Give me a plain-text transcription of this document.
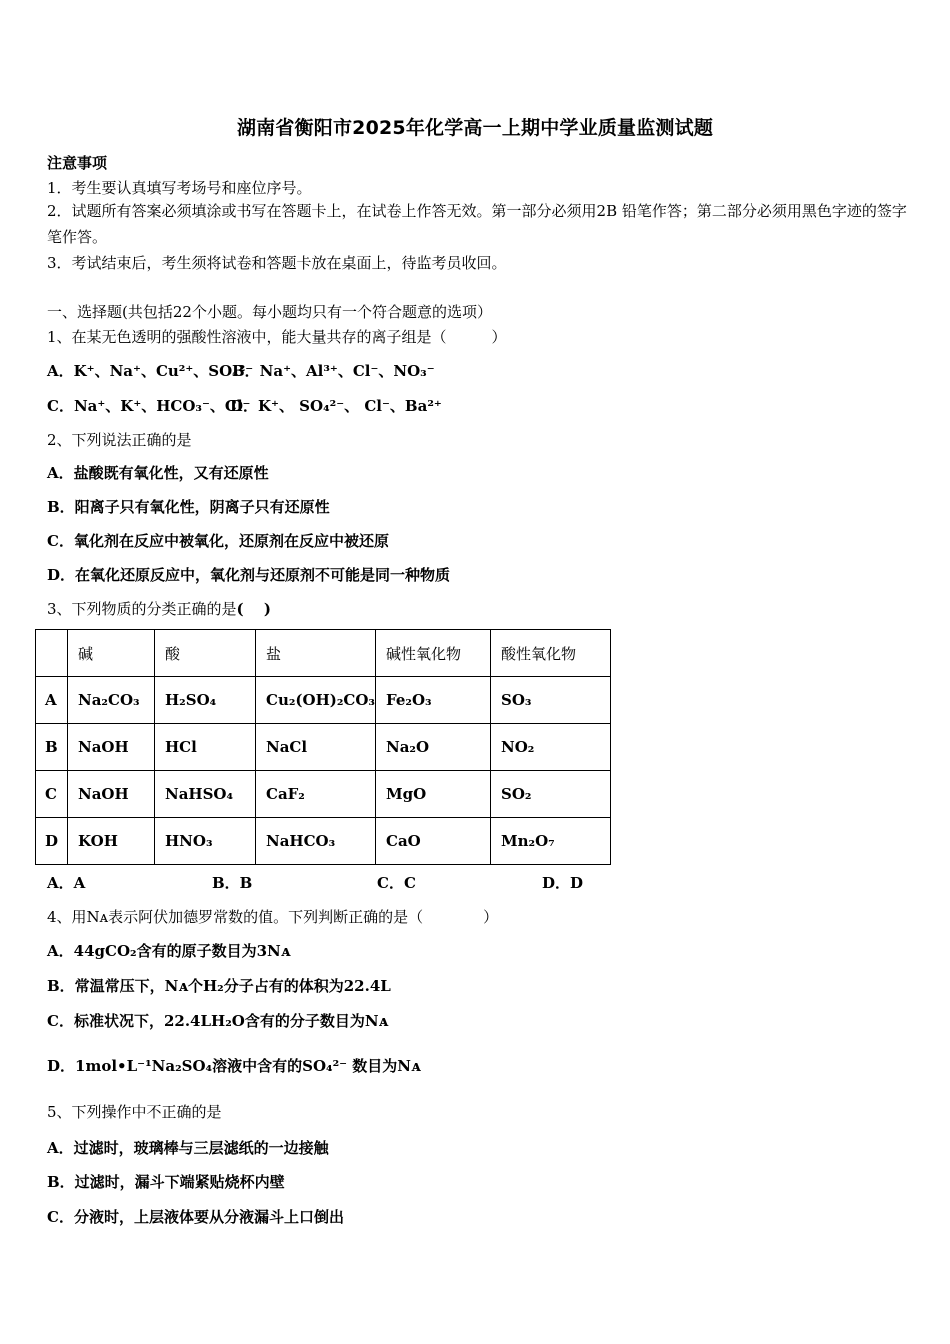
湖南省衡阳市2025年化学高一上期中学业质量监测试题
注意事项
1．考生要认真填写考场号和座位序号。
2．试题所有答案必须填涂或书写在答题卡上，在试卷上作答无效。第一部分必须用2B 铅笔作答；第二部分必须用黑色字迹的签字笔作答。
3．考试结束后，考生须将试卷和答题卡放在桌面上，待监考员收回。
一、选择题(共包括22个小题。每小题均只有一个符合题意的选项）
1、在某无色透明的强酸性溶液中，能大量共存的离子组是（　　　）
A．K⁺、Na⁺、Cu²⁺、SO₄²⁻
B．Na⁺、Al³⁺、Cl⁻、NO₃⁻
C．Na⁺、K⁺、HCO₃⁻、Cl⁻
D．K⁺、 SO₄²⁻、 Cl⁻、Ba²⁺
2、下列说法正确的是
A．盐酸既有氧化性，又有还原性
B．阳离子只有氧化性，阴离子只有还原性
C．氧化剂在反应中被氧化，还原剂在反应中被还原
D．在氧化还原反应中，氧化剂与还原剂不可能是同一种物质
3、下列物质的分类正确的是(　 )
	碱	酸	盐	碱性氧化物	酸性氧化物
A	Na₂CO₃	H₂SO₄	Cu₂(OH)₂CO₃	Fe₂O₃	SO₃
B	NaOH	HCl	NaCl	Na₂O	NO₂
C	NaOH	NaHSO₄	CaF₂	MgO	SO₂
D	KOH	HNO₃	NaHCO₃	CaO	Mn₂O₇
A．A	B．B	C．C	D．D
4、用Nᴀ表示阿伏加德罗常数的值。下列判断正确的是（　　　　）
A．44gCO₂含有的原子数目为3Nᴀ
B．常温常压下，Nᴀ个H₂分子占有的体积为22.4L
C．标准状况下，22.4LH₂O含有的分子数目为Nᴀ
D．1mol•L⁻¹Na₂SO₄溶液中含有的SO₄²⁻ 数目为Nᴀ
5、下列操作中不正确的是
A．过滤时，玻璃棒与三层滤纸的一边接触
B．过滤时，漏斗下端紧贴烧杯内壁
C．分液时，上层液体要从分液漏斗上口倒出
